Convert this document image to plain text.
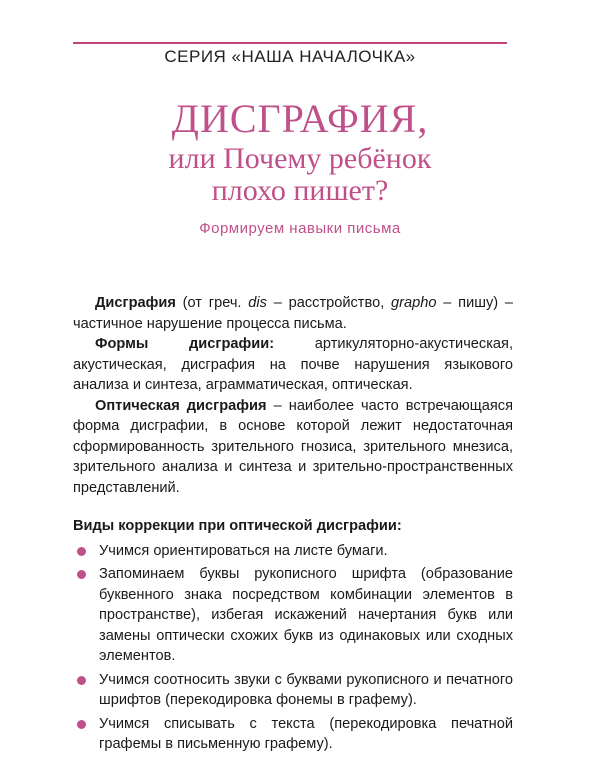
СЕРИЯ «НАША НАЧАЛОЧКА»
ДИСГРАФИЯ,
или Почему ребёнок
плохо пишет?
Формируем навыки письма

Дисграфия (от греч. dis – расстройство, grapho – пишу) – частичное нарушение процесса письма.

Формы дисграфии: артикуляторно-акустическая, акустическая, дисграфия на почве нарушения языкового анализа и синтеза, аграмматическая, оптическая.

Оптическая дисграфия – наиболее часто встречающаяся форма дисграфии, в основе которой лежит недостаточная сформированность зрительного гнозиса, зрительного мнезиса, зрительного анализа и синтеза и зрительно-пространственных представлений.

Виды коррекции при оптической дисграфии:
Учимся ориентироваться на листе бумаги.
Запоминаем буквы рукописного шрифта (образование буквенного знака посредством комбинации элементов в пространстве), избегая искажений начертания букв или замены оптически схожих букв из одинаковых или сходных элементов.
Учимся соотносить звуки с буквами рукописного и печатного шрифтов (перекодировка фонемы в графему).
Учимся списывать с текста (перекодировка печатной графемы в письменную графему).
